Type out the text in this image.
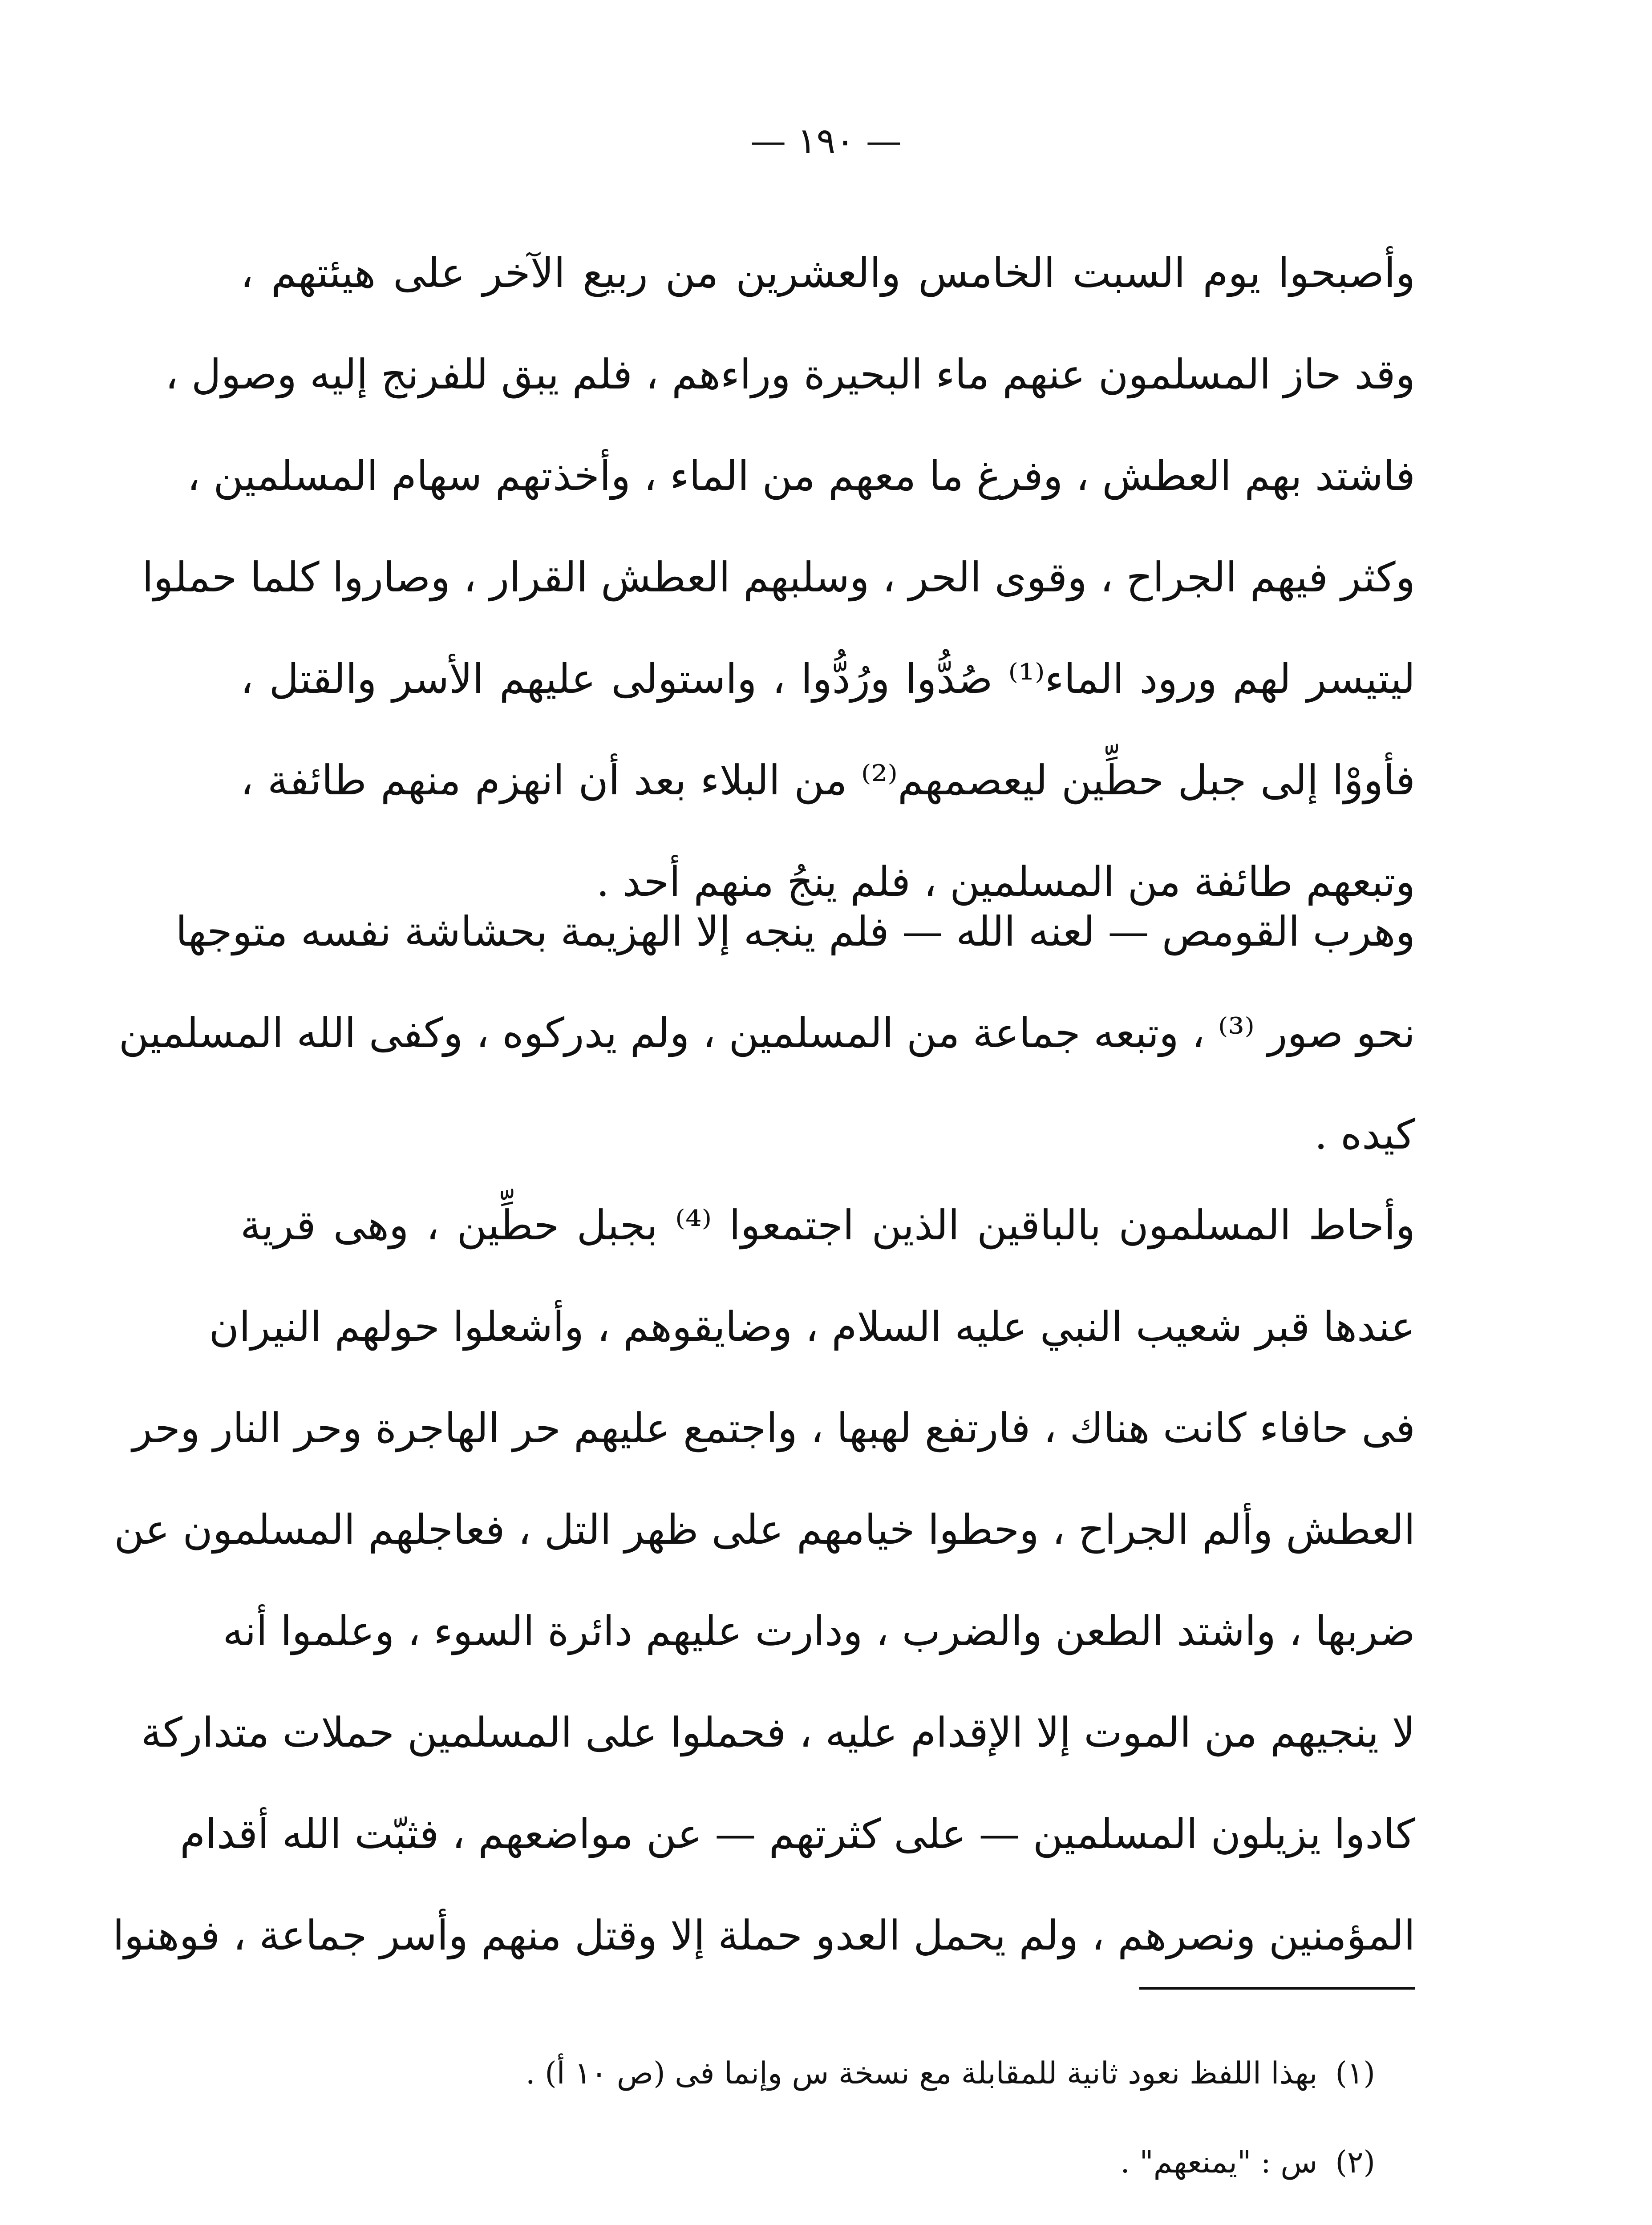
— ١٩٠ —
وأصبحوا يوم السبت الخامس والعشرين من ربيع الآخر على هيئتهم ،
وقد حاز المسلمون عنهم ماء البحيرة وراءهم ، فلم يبق للفرنج إليه وصول ،
فاشتد بهم العطش ، وفرغ ما معهم من الماء ، وأخذتهم سهام المسلمين ،
وكثر فيهم الجراح ، وقوى الحر ، وسلبهم العطش القرار ، وصاروا كلما حملوا
ليتيسر لهم ورود الماء⁽¹⁾ صُدُّوا ورُدُّوا ، واستولى عليهم الأسر والقتل ،
فأووْا إلى جبل حطِّين ليعصمهم⁽²⁾ من البلاء بعد أن انهزم منهم طائفة ،
وتبعهم طائفة من المسلمين ، فلم ينجُ منهم أحد .
وهرب القومص — لعنه الله — فلم ينجه إلا الهزيمة بحشاشة نفسه متوجها
نحو صور ⁽³⁾ ، وتبعه جماعة من المسلمين ، ولم يدركوه ، وكفى الله المسلمين
كيده .
وأحاط المسلمون بالباقين الذين اجتمعوا ⁽⁴⁾ بجبل حطِّين ، وهى قرية
عندها قبر شعيب النبي عليه السلام ، وضايقوهم ، وأشعلوا حولهم النيران
فى حافاء كانت هناك ، فارتفع لهبها ، واجتمع عليهم حر الهاجرة وحر النار وحر
العطش وألم الجراح ، وحطوا خيامهم على ظهر التل ، فعاجلهم المسلمون عن
ضربها ، واشتد الطعن والضرب ، ودارت عليهم دائرة السوء ، وعلموا أنه
لا ينجيهم من الموت إلا الإقدام عليه ، فحملوا على المسلمين حملات متداركة
كادوا يزيلون المسلمين — على كثرتهم — عن مواضعهم ، فثبّت الله أقدام
المؤمنين ونصرهم ، ولم يحمل العدو حملة إلا وقتل منهم وأسر جماعة ، فوهنوا
(١)بهذا اللفظ نعود ثانية للمقابلة مع نسخة س وإنما فى (ص ١٠ أ) .
(٢)س : "يمنعهم" .
